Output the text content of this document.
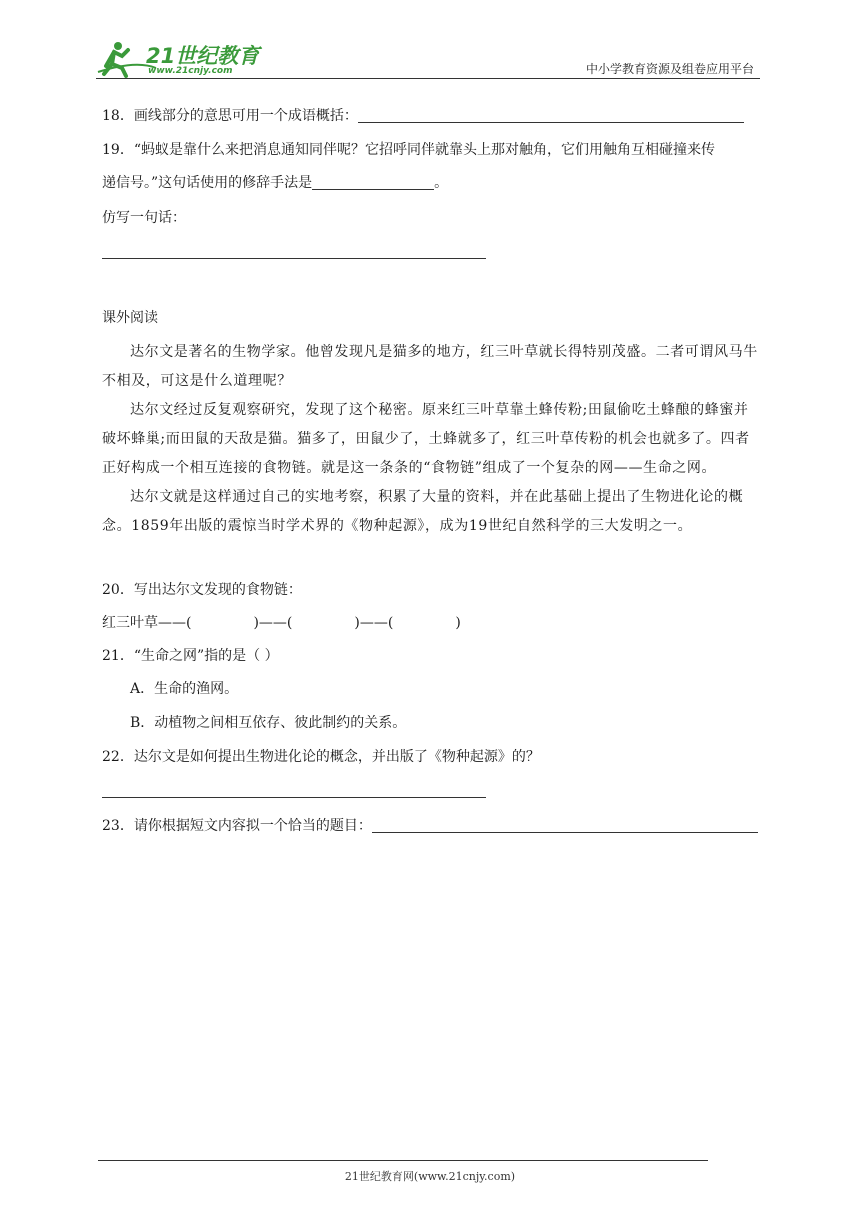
21世纪教育
www.21cnjy.com	中小学教育资源及组卷应用平台
18．画线部分的意思可用一个成语概括：
19．“蚂蚁是靠什么来把消息通知同伴呢？它招呼同伴就靠头上那对触角，它们用触角互相碰撞来传
递信号。”这句话使用的修辞手法是	。
仿写一句话：
课外阅读

达尔文是著名的生物学家。他曾发现凡是猫多的地方，红三叶草就长得特别茂盛。二者可谓风马牛不相及，可这是什么道理呢？

达尔文经过反复观察研究，发现了这个秘密。原来红三叶草靠土蜂传粉;田鼠偷吃土蜂酿的蜂蜜并破坏蜂巢;而田鼠的天敌是猫。猫多了，田鼠少了，土蜂就多了，红三叶草传粉的机会也就多了。四者正好构成一个相互连接的食物链。就是这一条条的“食物链”组成了一个复杂的网——生命之网。

达尔文就是这样通过自己的实地考察，积累了大量的资料，并在此基础上提出了生物进化论的概念。1859年出版的震惊当时学术界的《物种起源》，成为19世纪自然科学的三大发明之一。

20．写出达尔文发现的食物链：
红三叶草——(	)——(	)——(	)
21．“生命之网”指的是（ ）
A．生命的渔网。
B．动植物之间相互依存、彼此制约的关系。
22．达尔文是如何提出生物进化论的概念，并出版了《物种起源》的？
23．请你根据短文内容拟一个恰当的题目：
21世纪教育网(www.21cnjy.com)
